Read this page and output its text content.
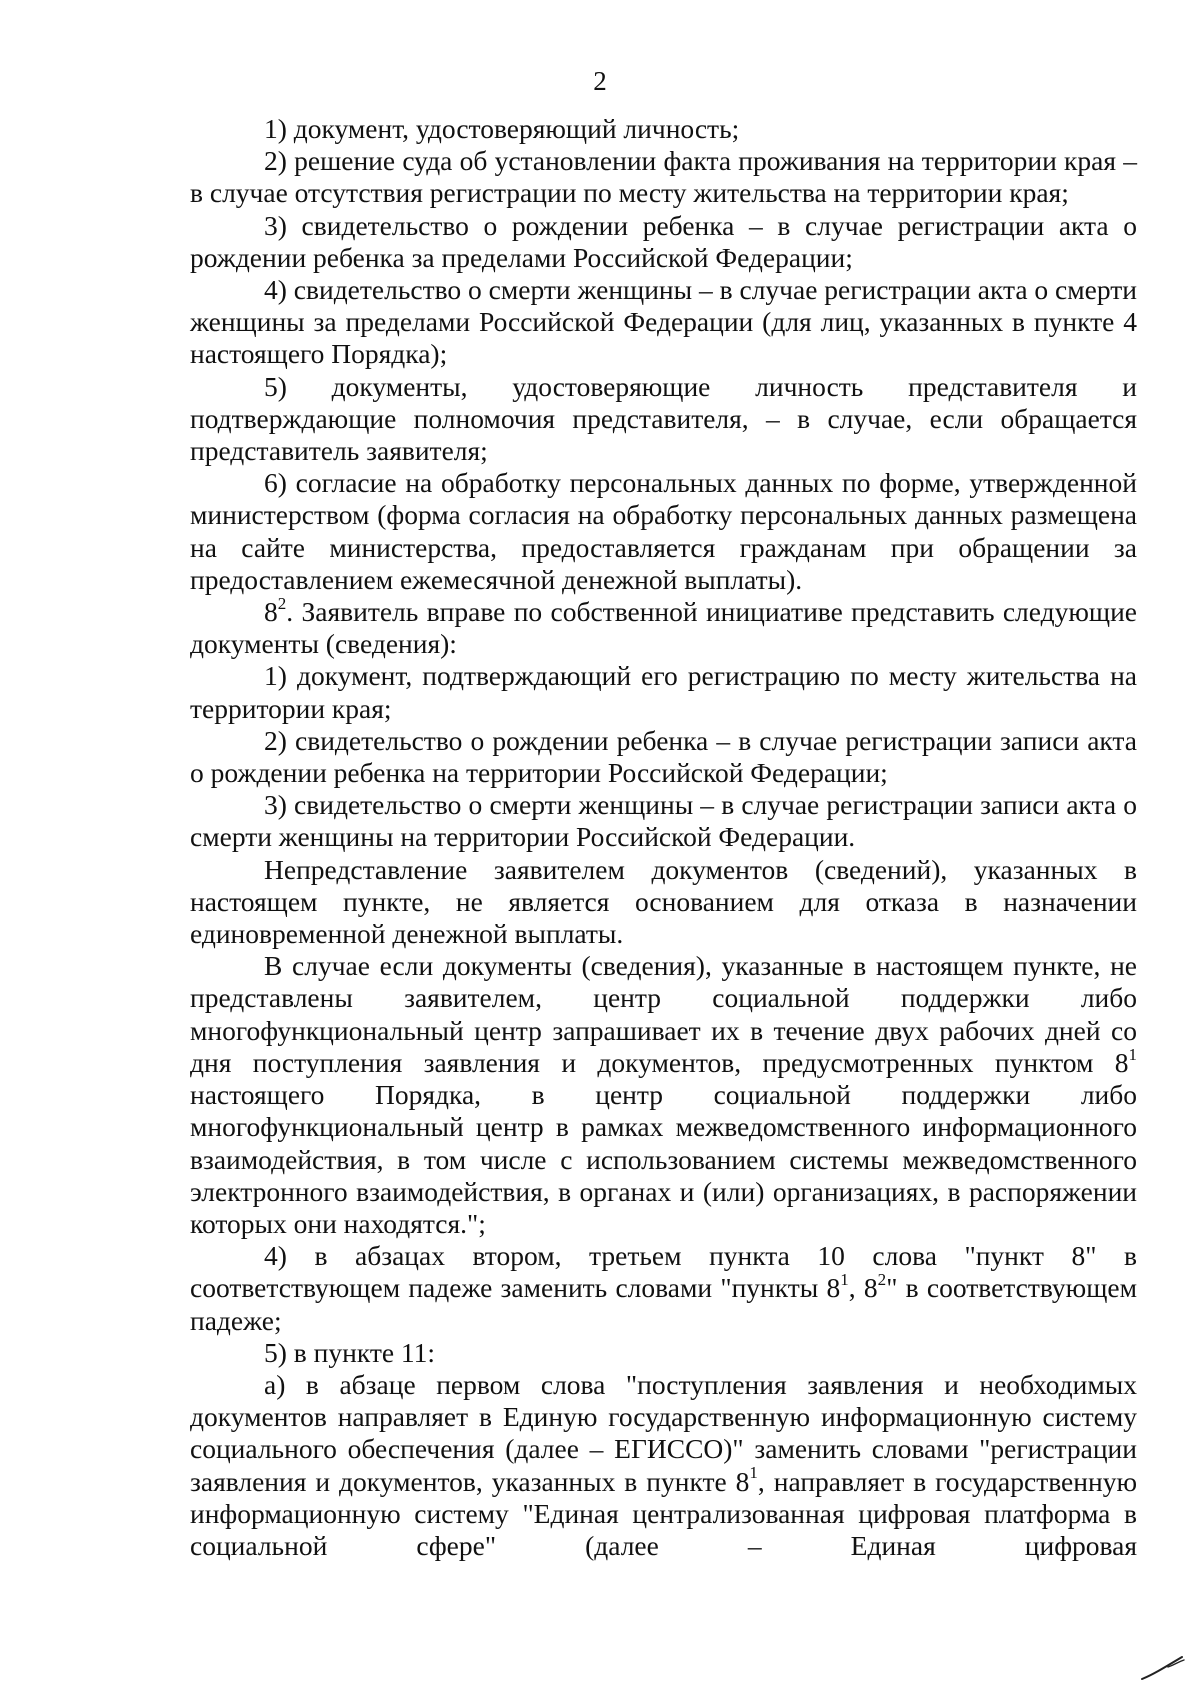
2

1) документ, удостоверяющий личность;

2) решение суда об установлении факта проживания на территории края – в случае отсутствия регистрации по месту жительства на территории края;

3) свидетельство о рождении ребенка – в случае регистрации акта о рождении ребенка за пределами Российской Федерации;

4) свидетельство о смерти женщины – в случае регистрации акта о смерти женщины за пределами Российской Федерации (для лиц, указанных в пункте 4 настоящего Порядка);

5) документы, удостоверяющие личность представителя и подтверждающие полномочия представителя, – в случае, если обращается представитель заявителя;

6) согласие на обработку персональных данных по форме, утвержденной министерством (форма согласия на обработку персональных данных размещена на сайте министерства, предоставляется гражданам при обращении за предоставлением ежемесячной денежной выплаты).

$8^2$. Заявитель вправе по собственной инициативе представить следующие документы (сведения):

1) документ, подтверждающий его регистрацию по месту жительства на территории края;

2) свидетельство о рождении ребенка – в случае регистрации записи акта о рождении ребенка на территории Российской Федерации;

3) свидетельство о смерти женщины – в случае регистрации записи акта о смерти женщины на территории Российской Федерации.

Непредставление заявителем документов (сведений), указанных в настоящем пункте, не является основанием для отказа в назначении единовременной денежной выплаты.

В случае если документы (сведения), указанные в настоящем пункте, не представлены заявителем, центр социальной поддержки либо многофункциональный центр запрашивает их в течение двух рабочих дней со дня поступления заявления и документов, предусмотренных пунктом $8^1$ настоящего Порядка, в центр социальной поддержки либо многофункциональный центр в рамках межведомственного информационного взаимодействия, в том числе с использованием системы межведомственного электронного взаимодействия, в органах и (или) организациях, в распоряжении которых они находятся.";

4) в абзацах втором, третьем пункта 10 слова "пункт 8" в соответствующем падеже заменить словами "пункты $8^1$, $8^2$" в соответствующем падеже;

5) в пункте 11:

а) в абзаце первом слова "поступления заявления и необходимых документов направляет в Единую государственную информационную систему социального обеспечения (далее – ЕГИССО)" заменить словами "регистрации заявления и документов, указанных в пункте $8^1$, направляет в государственную информационную систему "Единая централизованная цифровая платформа в социальной сфере" (далее – Единая цифровая
